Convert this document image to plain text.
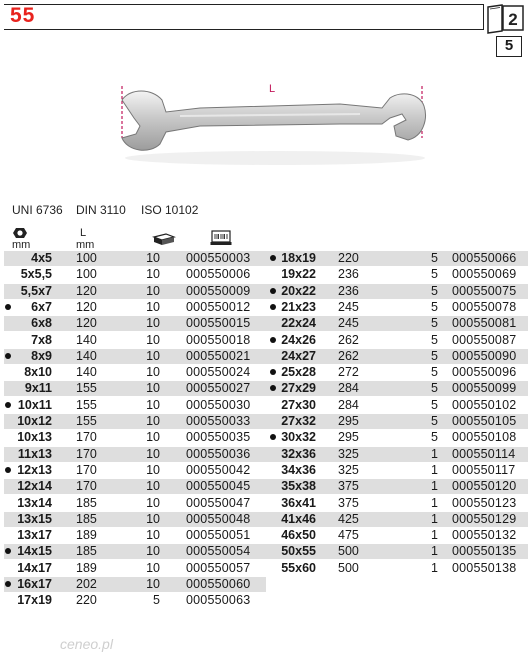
55	2
5
L
UNI 6736 DIN 3110 ISO 10102
mm
L
mm
4x5 100	10 000550003
5x5,5 100	10 000550006
5,5x7 120	10 000550009
6x7 120	10 000550012
6x8 120	10 000550015
7x8 140	10 000550018
8x9 140	10 000550021
8x10 140	10 000550024
9x11 155	10 000550027
10x11 155	10 000550030
10x12 155	10 000550033
10x13 170	10 000550035
11x13 170	10 000550036
12x13 170	10 000550042
12x14 170	10 000550045
13x14 185	10 000550047
13x15 185	10 000550048
13x17 189	10 000550051
14x15 185	10 000550054
14x17 189	10 000550057
16x17 202	10 000550060
17x19 220	5 000550063
18x19 220	5 000550066
19x22 236	5 000550069
20x22 236	5 000550075
21x23 245	5 000550078
22x24 245	5 000550081
24x26 262	5 000550087
24x27 262	5 000550090
25x28 272	5 000550096
27x29 284	5 000550099
27x30 284	5 000550102
27x32 295	5 000550105
30x32 295	5 000550108
32x36 325	1 000550114
34x36 325	1 000550117
35x38 375	1 000550120
36x41 375	1 000550123
41x46 425	1 000550129
46x50 475	1 000550132
50x55 500	1 000550135
55x60 500	1 000550138
ceneo.pl
